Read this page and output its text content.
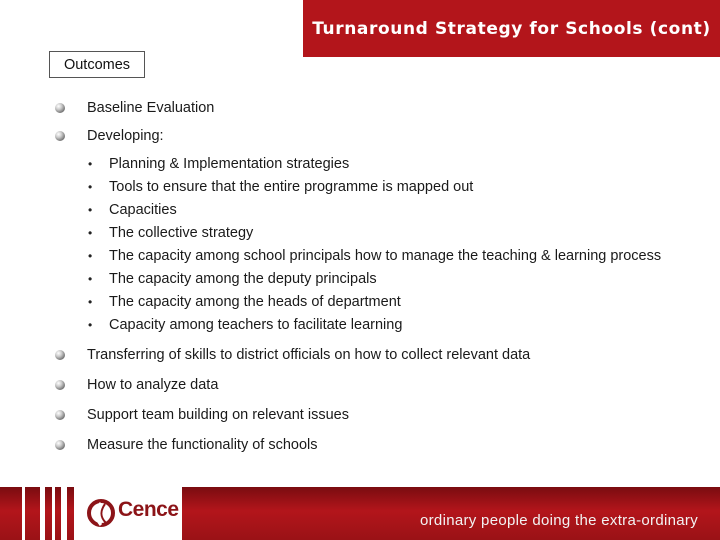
Turnaround Strategy for Schools (cont)
Outcomes
Baseline Evaluation
Developing:
• Planning & Implementation strategies
• Tools to ensure that the entire programme is mapped out
• Capacities
• The collective strategy
• The capacity among school principals how to manage the teaching & learning process
• The capacity among the deputy principals
• The capacity among the heads of department
• Capacity among teachers to facilitate learning
Transferring of skills to district officials on how to collect relevant data
How to analyze data
Support team building on relevant issues
Measure the functionality of schools
Cence	ordinary people doing the extra-ordinary
